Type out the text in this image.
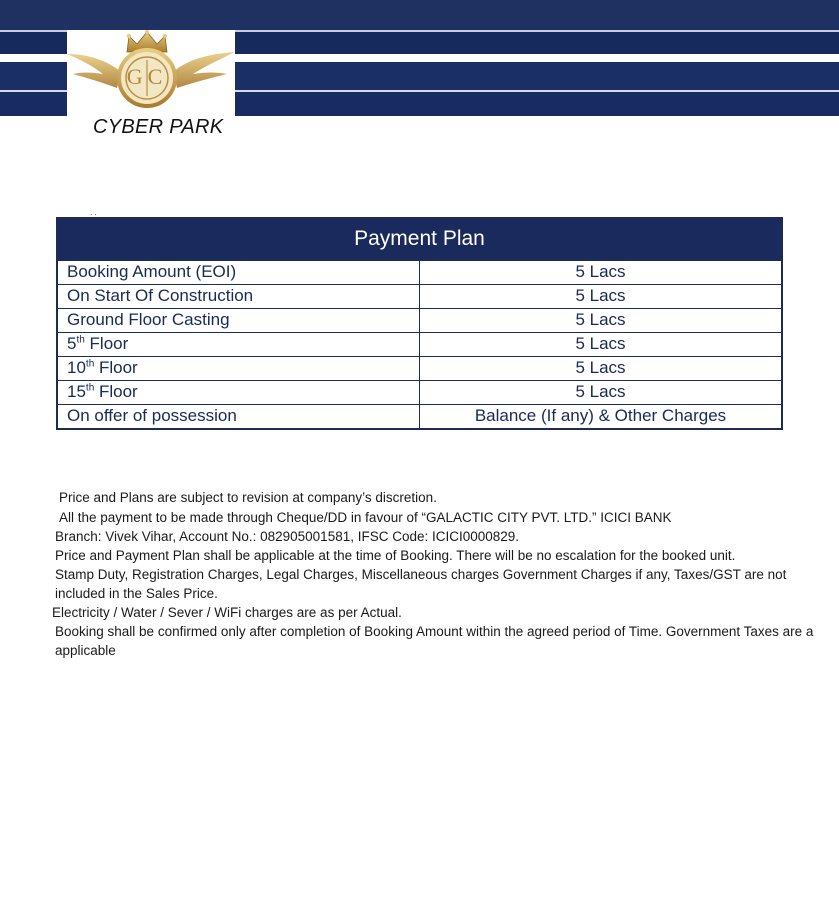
GC
CYBER PARK
. .
Payment Plan
Booking Amount (EOI)	5 Lacs
On Start Of Construction	5 Lacs
Ground Floor Casting	5 Lacs
5th Floor	5 Lacs
10th Floor	5 Lacs
15th Floor	5 Lacs
On offer of possession	Balance (If any) & Other Charges
Price and Plans are subject to revision at company’s discretion.
All the payment to be made through Cheque/DD in favour of “GALACTIC CITY PVT. LTD.” ICICI BANK
Branch: Vivek Vihar, Account No.: 082905001581, IFSC Code: ICICI0000829.
Price and Payment Plan shall be applicable at the time of Booking. There will be no escalation for the booked unit.
Stamp Duty, Registration Charges, Legal Charges, Miscellaneous charges Government Charges if any, Taxes/GST are not
included in the Sales Price.
Electricity / Water / Sever / WiFi charges are as per Actual.
Booking shall be confirmed only after completion of Booking Amount within the agreed period of Time. Government Taxes are a
applicable
